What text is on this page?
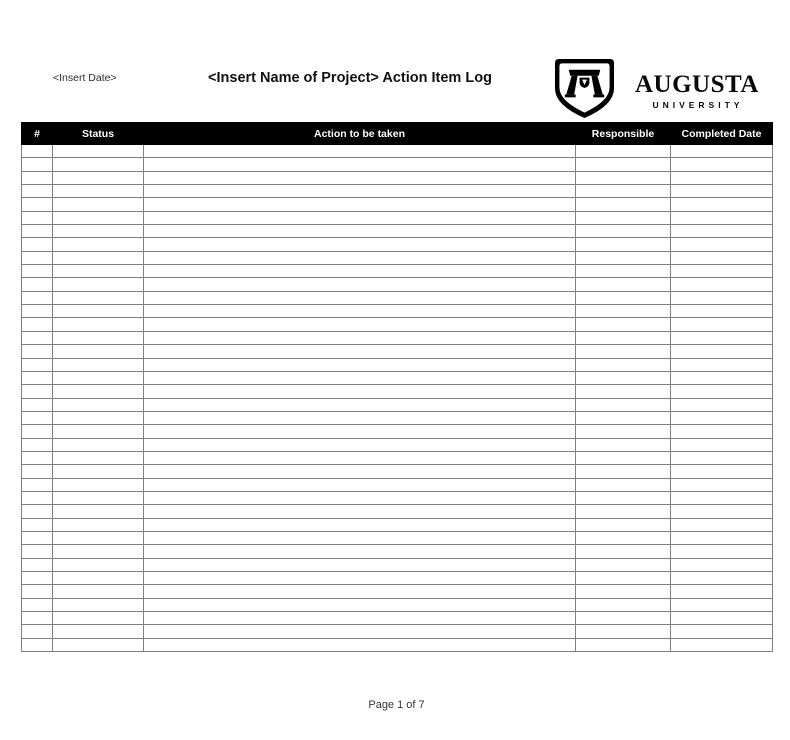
<Insert Date>	<Insert Name of Project> Action Item Log	AUGUSTA
UNIVERSITY
#	Status	Action to be taken	Responsible	Completed Date

Page 1 of 7
